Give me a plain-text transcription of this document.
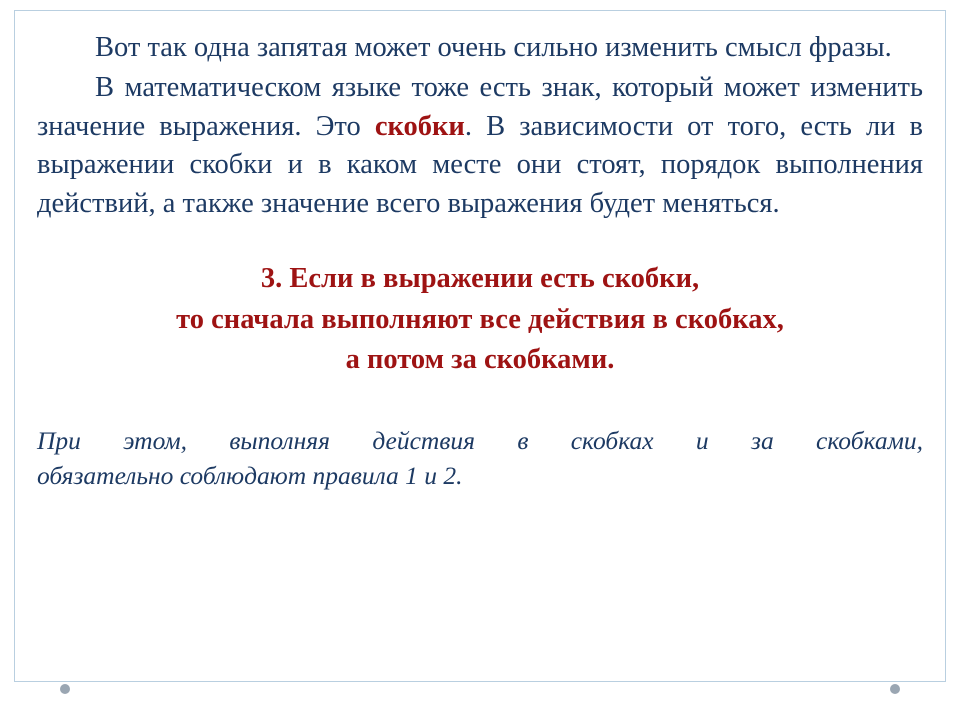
Вот так одна запятая может очень сильно изменить смысл фразы.

В математическом языке тоже есть знак, который может изменить значение выражения. Это скобки. В зависимости от того, есть ли в выражении скобки и в каком месте они стоят, порядок выполнения действий, а также значение всего выражения будет меняться.

3. Если в выражении есть скобки,
то сначала выполняют все действия в скобках,
а потом за скобками.
При этом, выполняя действия в скобках и за скобками,
обязательно соблюдают правила 1 и 2.
